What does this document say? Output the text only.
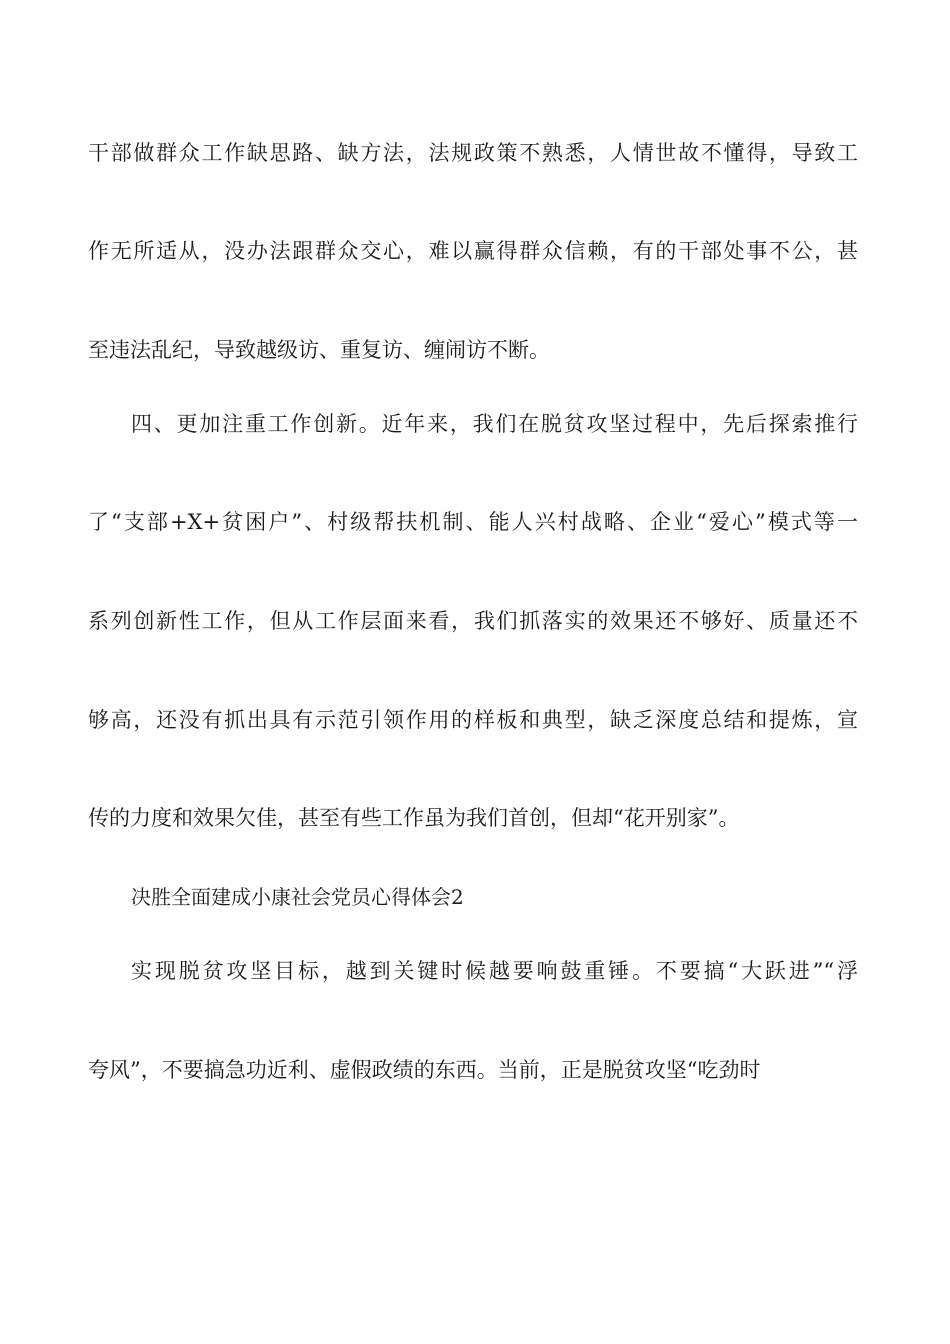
干部做群众工作缺思路、缺方法，法规政策不熟悉，人情世故不懂得，导致工
作无所适从，没办法跟群众交心，难以赢得群众信赖，有的干部处事不公，甚
至违法乱纪，导致越级访、重复访、缠闹访不断。
四、更加注重工作创新。近年来，我们在脱贫攻坚过程中，先后探索推行
了“支部+X+贫困户”、村级帮扶机制、能人兴村战略、企业“爱心”模式等一
系列创新性工作，但从工作层面来看，我们抓落实的效果还不够好、质量还不
够高，还没有抓出具有示范引领作用的样板和典型，缺乏深度总结和提炼，宣
传的力度和效果欠佳，甚至有些工作虽为我们首创，但却“花开别家”。
决胜全面建成小康社会党员心得体会2
实现脱贫攻坚目标，越到关键时候越要响鼓重锤。不要搞“大跃进”“浮
夸风”，不要搞急功近利、虚假政绩的东西。当前，正是脱贫攻坚“吃劲时
